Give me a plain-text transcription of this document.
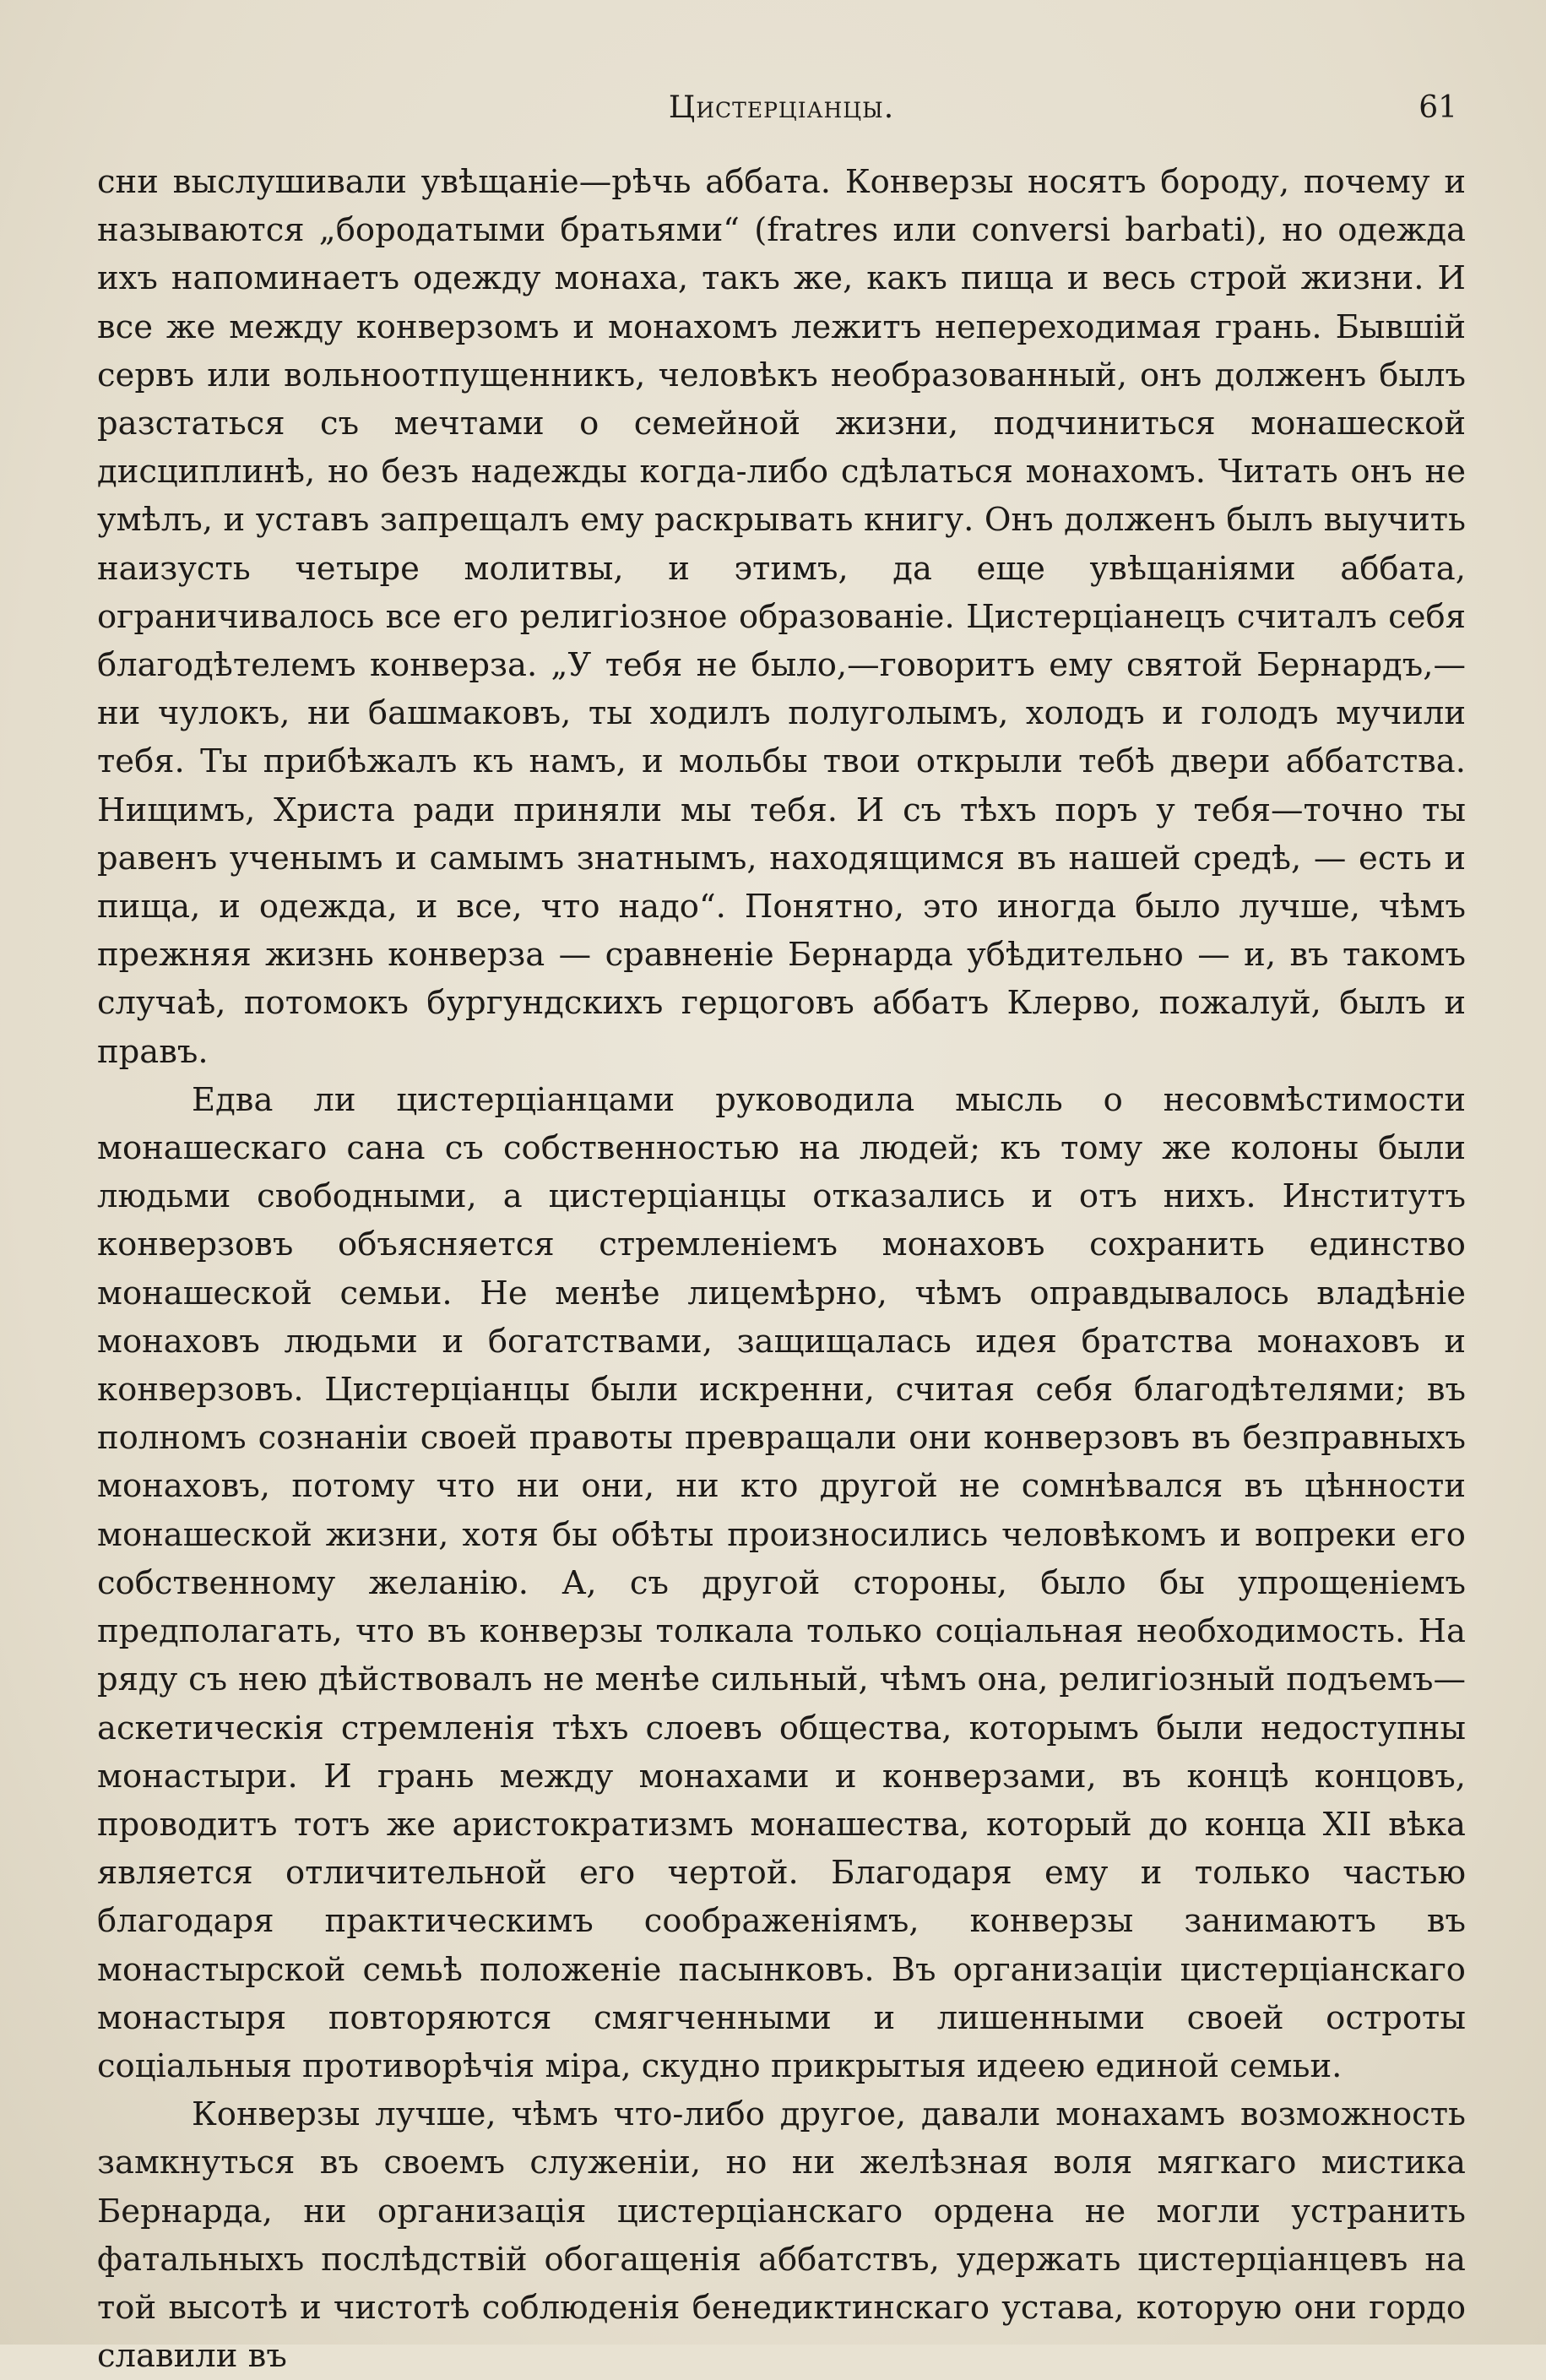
Цистерціанцы.	61

сни выслушивали увѣщаніе—рѣчь аббата. Конверзы носятъ бороду, почему и называются „бородатыми братьями“ (fratres или conversi barbati), но одежда ихъ напоминаетъ одежду монаха, такъ же, какъ пища и весь строй жизни. И все же между конверзомъ и монахомъ лежитъ непереходимая грань. Бывшій сервъ или вольноотпущенникъ, человѣкъ необразованный, онъ долженъ былъ разстаться съ мечтами о семейной жизни, подчиниться монашеской дисциплинѣ, но безъ надежды когда-либо сдѣлаться монахомъ. Читать онъ не умѣлъ, и уставъ запрещалъ ему раскрывать книгу. Онъ долженъ былъ выучить наизусть четыре молитвы, и этимъ, да еще увѣщаніями аббата, ограничивалось все его религіозное образованіе. Цистерціанецъ считалъ себя благодѣтелемъ конверза. „У тебя не было,—говоритъ ему святой Бернардъ,—ни чулокъ, ни башмаковъ, ты ходилъ полуголымъ, холодъ и голодъ мучили тебя. Ты прибѣжалъ къ намъ, и мольбы твои открыли тебѣ двери аббатства. Нищимъ, Христа ради приняли мы тебя. И съ тѣхъ поръ у тебя—точно ты равенъ ученымъ и самымъ знатнымъ, находящимся въ нашей средѣ, — есть и пища, и одежда, и все, что надо“. Понятно, это иногда было лучше, чѣмъ прежняя жизнь конверза — сравненіе Бернарда убѣдительно — и, въ такомъ случаѣ, потомокъ бургундскихъ герцоговъ аббатъ Клерво, пожалуй, былъ и правъ.

Едва ли цистерціанцами руководила мысль о несовмѣстимости монашескаго сана съ собственностью на людей; къ тому же колоны были людьми свободными, а цистерціанцы отказались и отъ нихъ. Институтъ конверзовъ объясняется стремленіемъ монаховъ сохранить единство монашеской семьи. Не менѣе лицемѣрно, чѣмъ оправдывалось владѣніе монаховъ людьми и богатствами, защищалась идея братства монаховъ и конверзовъ. Цистерціанцы были искренни, считая себя благодѣтелями; въ полномъ сознаніи своей правоты превращали они конверзовъ въ безправныхъ монаховъ, потому что ни они, ни кто другой не сомнѣвался въ цѣнности монашеской жизни, хотя бы обѣты произносились человѣкомъ и вопреки его собственному желанію. А, съ другой стороны, было бы упрощеніемъ предполагать, что въ конверзы толкала только соціальная необходимость. На ряду съ нею дѣйствовалъ не менѣе сильный, чѣмъ она, религіозный подъемъ—аскетическія стремленія тѣхъ слоевъ общества, которымъ были недоступны монастыри. И грань между монахами и конверзами, въ концѣ концовъ, проводитъ тотъ же аристократизмъ монашества, который до конца XII вѣка является отличительной его чертой. Благодаря ему и только частью благодаря практическимъ соображеніямъ, конверзы занимаютъ въ монастырской семьѣ положеніе пасынковъ. Въ организаціи цистерціанскаго монастыря повторяются смягченными и лишенными своей остроты соціальныя противорѣчія міра, скудно прикрытыя идеею единой семьи.

Конверзы лучше, чѣмъ что-либо другое, давали монахамъ возможность замкнуться въ своемъ служеніи, но ни желѣзная воля мягкаго мистика Бернарда, ни организація цистерціанскаго ордена не могли устранить фатальныхъ послѣдствій обогащенія аббатствъ, удержать цистерціанцевъ на той высотѣ и чистотѣ соблюденія бенедиктинскаго устава, которую они гордо славили въ
